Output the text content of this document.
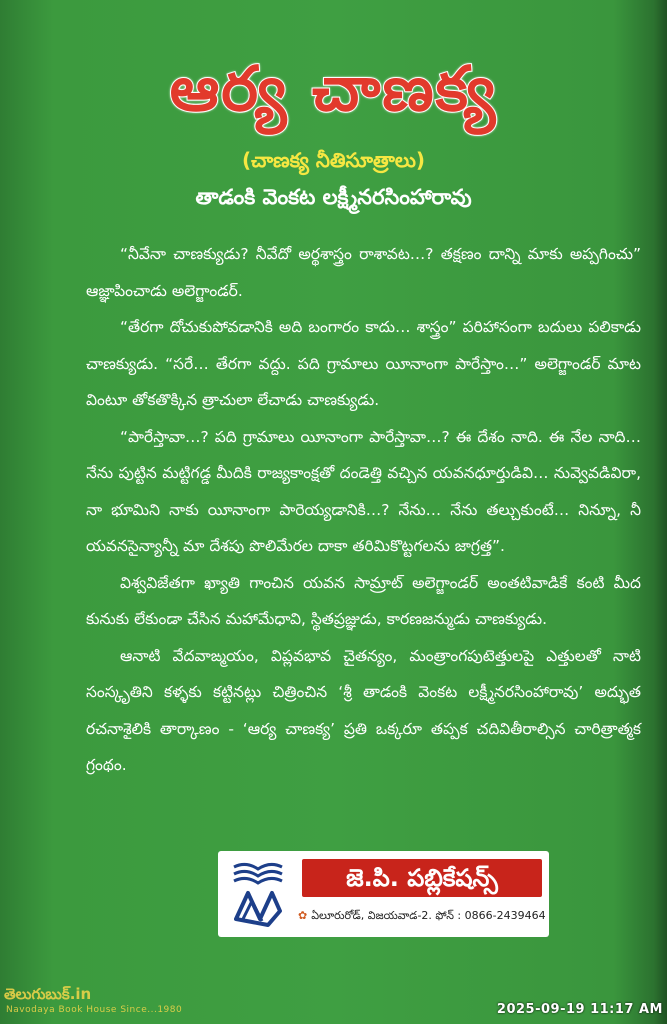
ఆర్య చాణక్య
(చాణక్య నీతిసూత్రాలు)
తాడంకి వెంకట లక్ష్మీనరసింహారావు

“నీవేనా చాణక్యుడు? నీవేదో అర్థశాస్త్రం రాశావట…? తక్షణం దాన్ని మాకు అప్పగించు” ఆజ్ఞాపించాడు అలెగ్జాండర్.

“తేరగా దోచుకుపోవడానికి అది బంగారం కాదు… శాస్త్రం” పరిహాసంగా బదులు పలికాడు చాణక్యుడు. “సరే… తేరగా వద్దు. పది గ్రామాలు యీనాంగా పారేస్తాం…” అలెగ్జాండర్ మాట వింటూ తోకతొక్కిన త్రాచులా లేచాడు చాణక్యుడు.

“పారేస్తావా…? పది గ్రామాలు యీనాంగా పారేస్తావా…? ఈ దేశం నాది. ఈ నేల నాది… నేను పుట్టిన మట్టిగడ్డ మీదికి రాజ్యకాంక్షతో దండెత్తి వచ్చిన యవనధూర్తుడివి… నువ్వెవడివిరా, నా భూమిని నాకు యీనాంగా పారెయ్యడానికి…? నేను… నేను తల్చుకుంటే… నిన్నూ, నీ యవనసైన్యాన్నీ మా దేశపు పొలిమేరల దాకా తరిమికొట్టగలను జాగ్రత్త”.

విశ్వవిజేతగా ఖ్యాతి గాంచిన యవన సామ్రాట్ అలెగ్జాండర్ అంతటివాడికే కంటి మీద కునుకు లేకుండా చేసిన మహామేధావి, స్థితప్రజ్ఞుడు, కారణజన్ముడు చాణక్యుడు.

ఆనాటి వేదవాఙ్మయం, విప్లవభావ చైతన్యం, మంత్రాంగపుటెత్తులపై ఎత్తులతో నాటి సంస్కృతిని కళ్ళకు కట్టినట్లు చిత్రించిన ‘శ్రీ తాడంకి వెంకట లక్ష్మీనరసింహారావు’ అద్భుత రచనాశైలికి తార్కాణం - ‘ఆర్య చాణక్య’ ప్రతి ఒక్కరూ తప్పక చదివితీరాల్సిన చారిత్రాత్మక గ్రంథం.

జె.పి. పబ్లికేషన్స్
✿ ఏలూరురోడ్, విజయవాడ-2. ఫోన్ : 0866-2439464
తెలుగుబుక్.in
Navodaya Book House Since...1980	2025-09-19 11:17 AM
